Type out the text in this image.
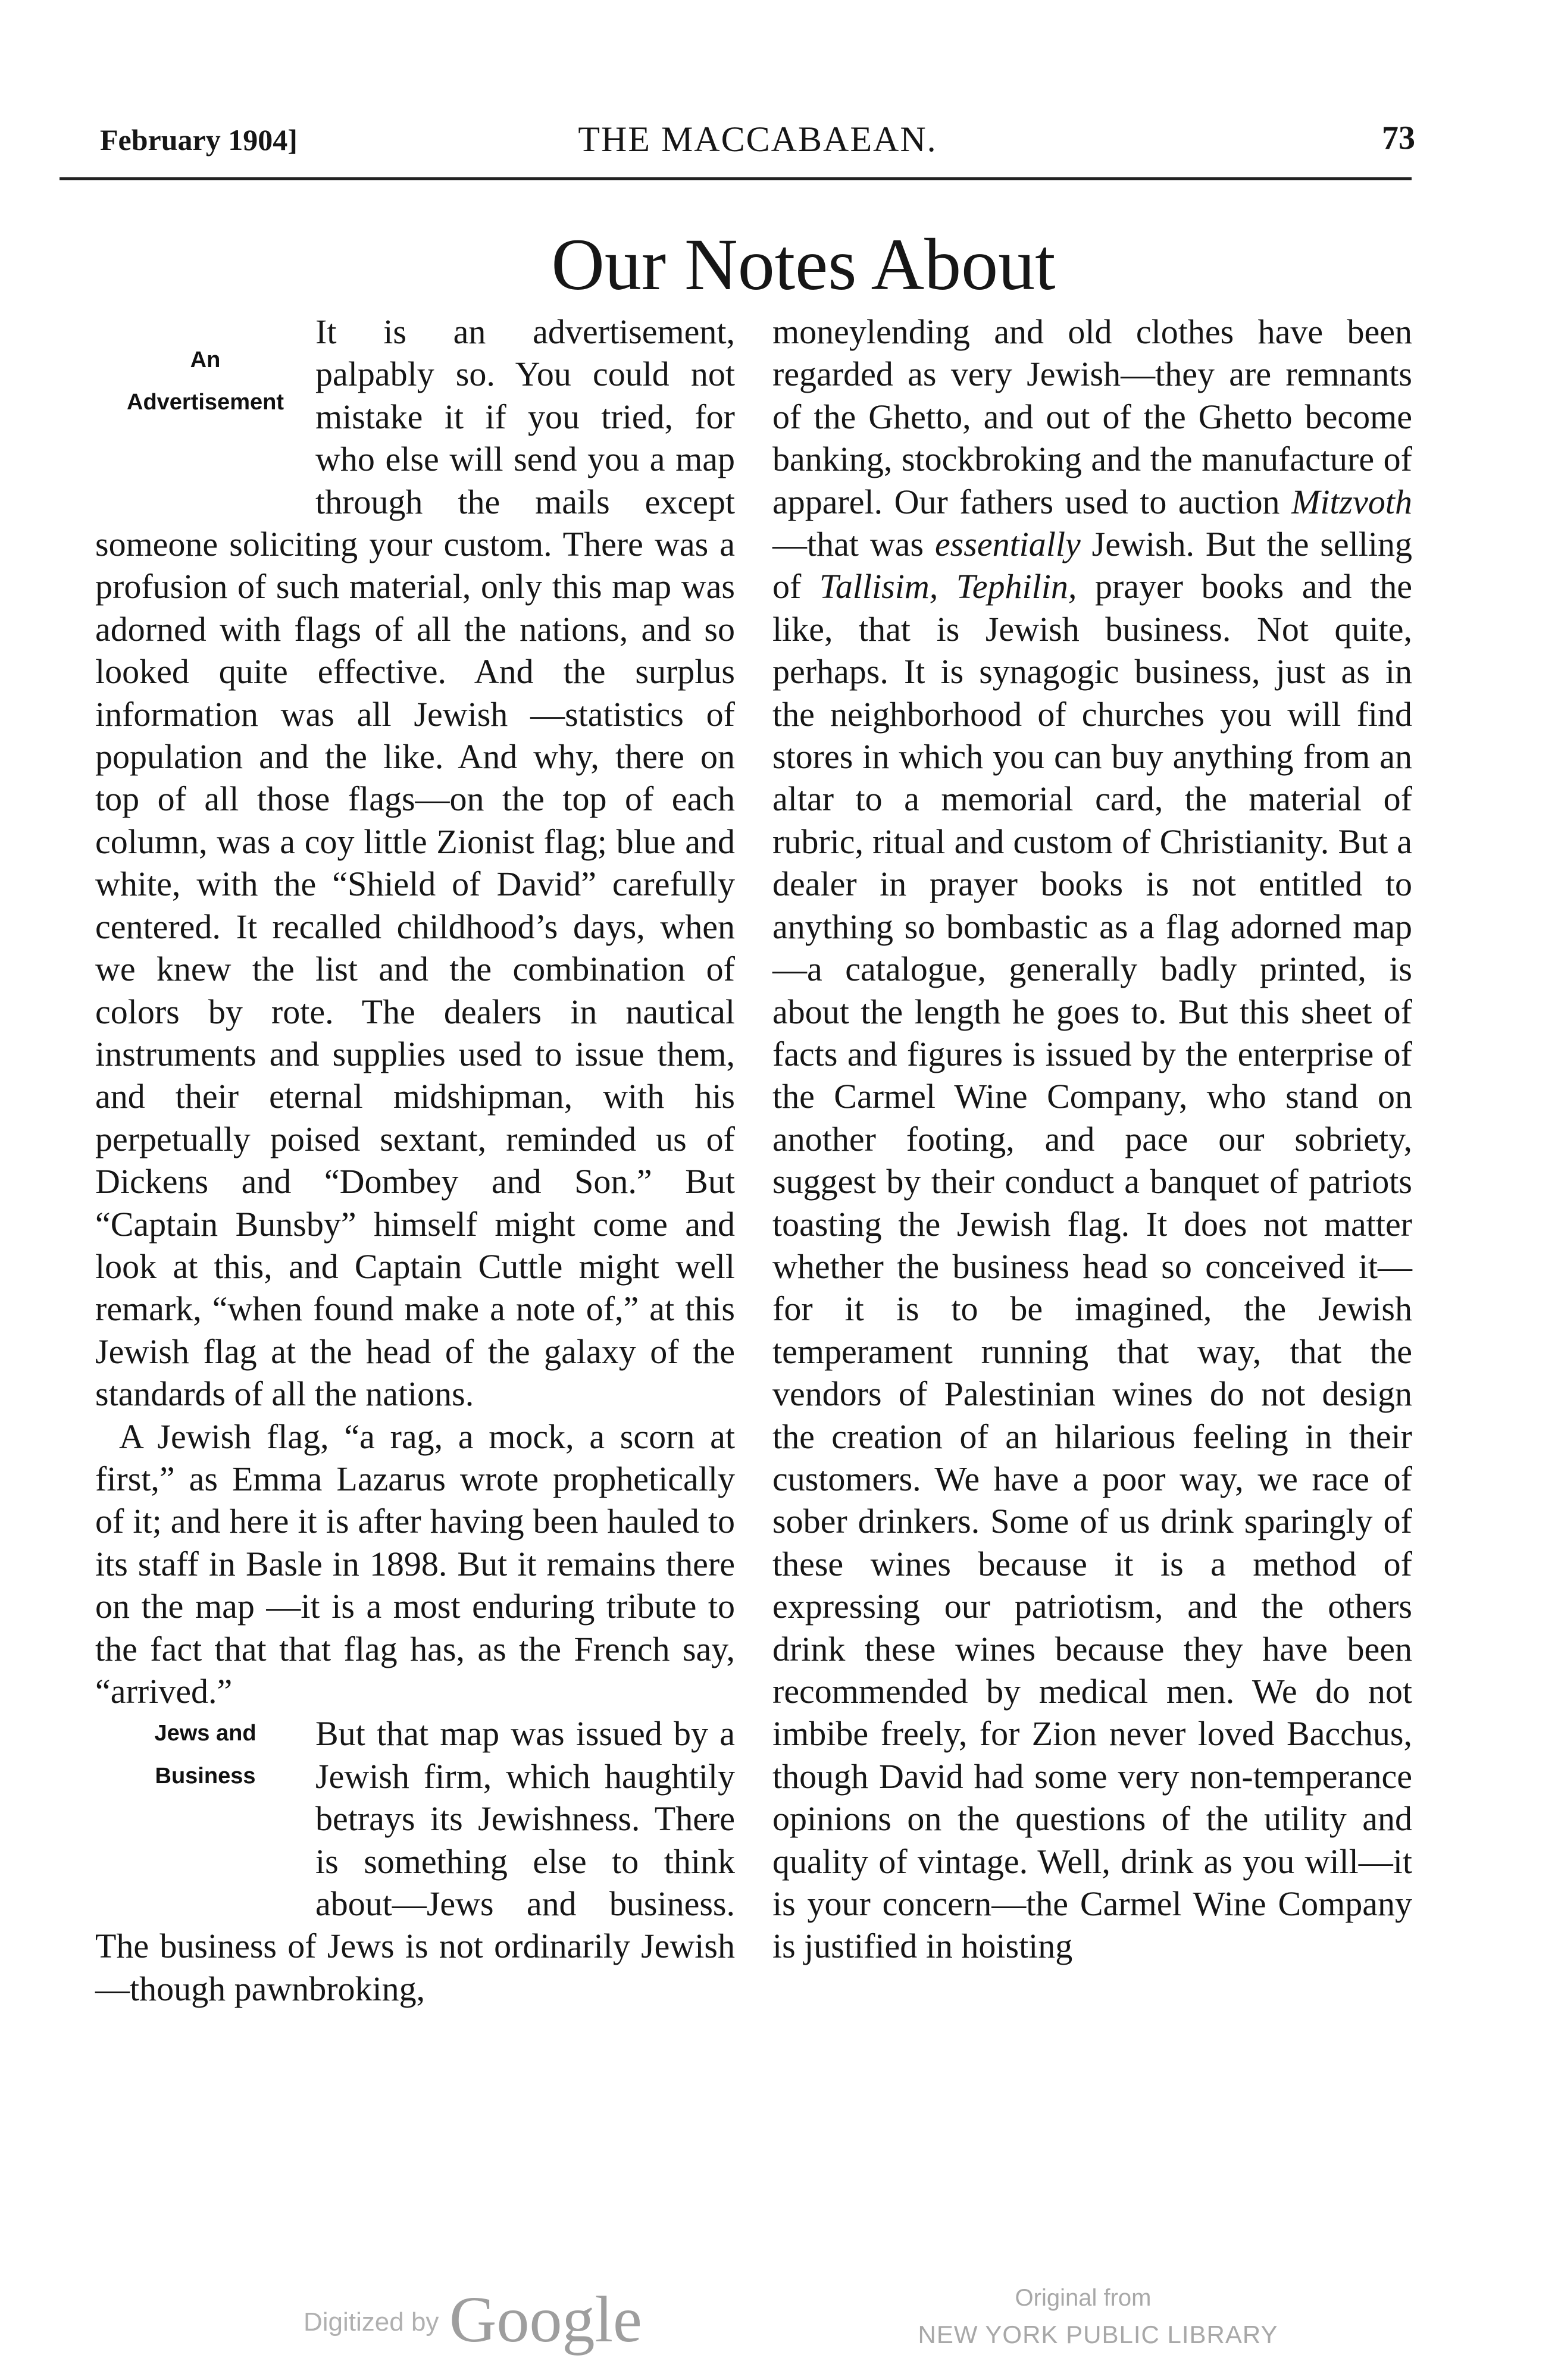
February 1904]	THE MACCABAEAN.	73
Our Notes About
An
Advertisement

It is an advertisement, palpably so. You could not mistake it if you tried, for who else will send you a map through the mails except someone soliciting your custom. There was a profusion of such material, only this map was adorned with flags of all the nations, and so looked quite effective. And the surplus information was all Jewish —statistics of population and the like. And why, there on top of all those flags—on the top of each column, was a coy little Zionist flag; blue and white, with the “Shield of David” carefully centered. It recalled childhood’s days, when we knew the list and the combination of colors by rote. The dealers in nautical instruments and supplies used to issue them, and their eternal midshipman, with his perpetually poised sextant, reminded us of Dickens and “Dombey and Son.” But “Captain Bunsby” himself might come and look at this, and Captain Cuttle might well remark, “when found make a note of,” at this Jewish flag at the head of the galaxy of the standards of all the nations.

A Jewish flag, “a rag, a mock, a scorn at first,” as Emma Lazarus wrote prophetically of it; and here it is after having been hauled to its staff in Basle in 1898. But it remains there on the map —it is a most enduring tribute to the fact that that flag has, as the French say, “arrived.”

Jews and
Business

But that map was issued by a Jewish firm, which haughtily betrays its Jewishness. There is something else to think about—Jews and business. The business of Jews is not ordinarily Jewish—though pawnbroking,

moneylending and old clothes have been regarded as very Jewish—they are remnants of the Ghetto, and out of the Ghetto become banking, stockbroking and the manufacture of apparel. Our fathers used to auction Mitzvoth—that was essentially Jewish. But the selling of Tallisim, Tephilin, prayer books and the like, that is Jewish business. Not quite, perhaps. It is synagogic business, just as in the neighborhood of churches you will find stores in which you can buy anything from an altar to a memorial card, the material of rubric, ritual and custom of Christianity. But a dealer in prayer books is not entitled to anything so bombastic as a flag adorned map—a catalogue, generally badly printed, is about the length he goes to. But this sheet of facts and figures is issued by the enterprise of the Carmel Wine Company, who stand on another footing, and pace our sobriety, suggest by their conduct a banquet of patriots toasting the Jewish flag. It does not matter whether the business head so conceived it—for it is to be imagined, the Jewish temperament running that way, that the vendors of Palestinian wines do not design the creation of an hilarious feeling in their customers. We have a poor way, we race of sober drinkers. Some of us drink sparingly of these wines because it is a method of expressing our patriotism, and the others drink these wines because they have been recommended by medical men. We do not imbibe freely, for Zion never loved Bacchus, though David had some very non-temperance opinions on the questions of the utility and quality of vintage. Well, drink as you will—it is your concern—the Carmel Wine Company is justified in hoisting

Digitized by Google	Original from
NEW YORK PUBLIC LIBRARY
